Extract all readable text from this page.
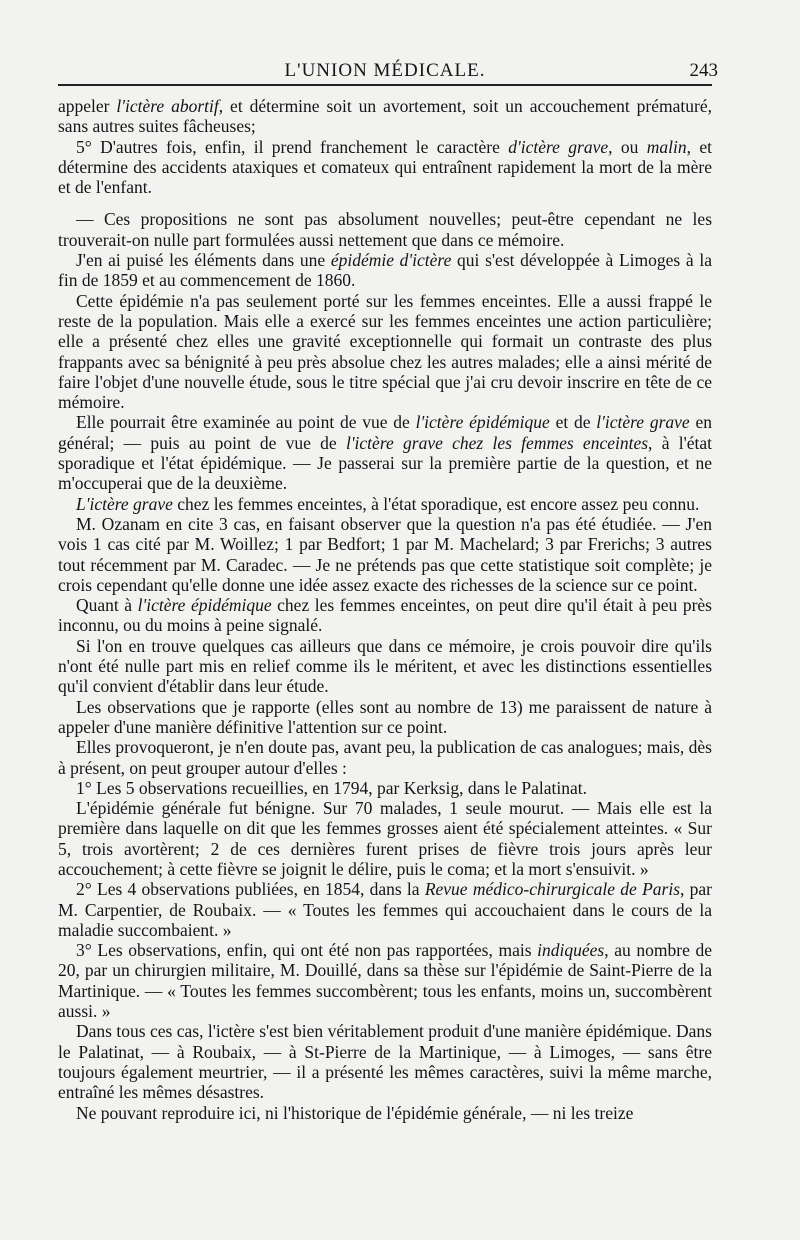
L'UNION MÉDICALE.	243

appeler l'ictère abortif, et détermine soit un avortement, soit un accouchement prématuré, sans autres suites fâcheuses;

5° D'autres fois, enfin, il prend franchement le caractère d'ictère grave, ou malin, et détermine des accidents ataxiques et comateux qui entraînent rapidement la mort de la mère et de l'enfant.

— Ces propositions ne sont pas absolument nouvelles; peut-être cependant ne les trouverait-on nulle part formulées aussi nettement que dans ce mémoire.

J'en ai puisé les éléments dans une épidémie d'ictère qui s'est développée à Limoges à la fin de 1859 et au commencement de 1860.

Cette épidémie n'a pas seulement porté sur les femmes enceintes. Elle a aussi frappé le reste de la population. Mais elle a exercé sur les femmes enceintes une action particulière; elle a présenté chez elles une gravité exceptionnelle qui formait un contraste des plus frappants avec sa bénignité à peu près absolue chez les autres malades; elle a ainsi mérité de faire l'objet d'une nouvelle étude, sous le titre spécial que j'ai cru devoir inscrire en tête de ce mémoire.

Elle pourrait être examinée au point de vue de l'ictère épidémique et de l'ictère grave en général; — puis au point de vue de l'ictère grave chez les femmes enceintes, à l'état sporadique et l'état épidémique. — Je passerai sur la première partie de la question, et ne m'occuperai que de la deuxième.

L'ictère grave chez les femmes enceintes, à l'état sporadique, est encore assez peu connu.

M. Ozanam en cite 3 cas, en faisant observer que la question n'a pas été étudiée. — J'en vois 1 cas cité par M. Woillez; 1 par Bedfort; 1 par M. Machelard; 3 par Frerichs; 3 autres tout récemment par M. Caradec. — Je ne prétends pas que cette statistique soit complète; je crois cependant qu'elle donne une idée assez exacte des richesses de la science sur ce point.

Quant à l'ictère épidémique chez les femmes enceintes, on peut dire qu'il était à peu près inconnu, ou du moins à peine signalé.

Si l'on en trouve quelques cas ailleurs que dans ce mémoire, je crois pouvoir dire qu'ils n'ont été nulle part mis en relief comme ils le méritent, et avec les distinctions essentielles qu'il convient d'établir dans leur étude.

Les observations que je rapporte (elles sont au nombre de 13) me paraissent de nature à appeler d'une manière définitive l'attention sur ce point.

Elles provoqueront, je n'en doute pas, avant peu, la publication de cas analogues; mais, dès à présent, on peut grouper autour d'elles :

1° Les 5 observations recueillies, en 1794, par Kerksig, dans le Palatinat.

L'épidémie générale fut bénigne. Sur 70 malades, 1 seule mourut. — Mais elle est la première dans laquelle on dit que les femmes grosses aient été spécialement atteintes. « Sur 5, trois avortèrent; 2 de ces dernières furent prises de fièvre trois jours après leur accouchement; à cette fièvre se joignit le délire, puis le coma; et la mort s'ensuivit. »

2° Les 4 observations publiées, en 1854, dans la Revue médico-chirurgicale de Paris, par M. Carpentier, de Roubaix. — « Toutes les femmes qui accouchaient dans le cours de la maladie succombaient. »

3° Les observations, enfin, qui ont été non pas rapportées, mais indiquées, au nombre de 20, par un chirurgien militaire, M. Douillé, dans sa thèse sur l'épidémie de Saint-Pierre de la Martinique. — « Toutes les femmes succombèrent; tous les enfants, moins un, succombèrent aussi. »

Dans tous ces cas, l'ictère s'est bien véritablement produit d'une manière épidémique. Dans le Palatinat, — à Roubaix, — à St-Pierre de la Martinique, — à Limoges, — sans être toujours également meurtrier, — il a présenté les mêmes caractères, suivi la même marche, entraîné les mêmes désastres.

Ne pouvant reproduire ici, ni l'historique de l'épidémie générale, — ni les treize
